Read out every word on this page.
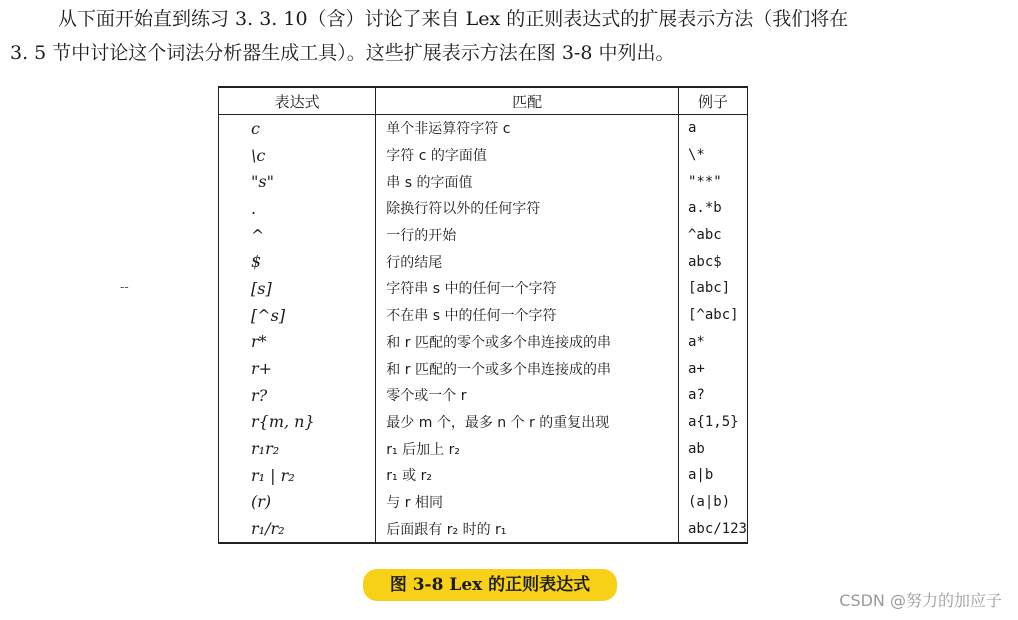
从下面开始直到练习 3. 3. 10（含）讨论了来自 Lex 的正则表达式的扩展表示方法（我们将在
3. 5 节中讨论这个词法分析器生成工具）。这些扩展表示方法在图 3-8 中列出。

--
表达式	匹配	例子
c	单个非运算符字符 c	a
\c	字符 c 的字面值	\*
"s"	串 s 的字面值	"**"
.	除换行符以外的任何字符	a.*b
^	一行的开始	^abc
$	行的结尾	abc$
[s]	字符串 s 中的任何一个字符	[abc]
[^s]	不在串 s 中的任何一个字符	[^abc]
r*	和 r 匹配的零个或多个串连接成的串	a*
r+	和 r 匹配的一个或多个串连接成的串	a+
r?	零个或一个 r	a?
r{m, n}	最少 m 个，最多 n 个 r 的重复出现	a{1,5}
r₁r₂	r₁ 后加上 r₂	ab
r₁ | r₂	r₁ 或 r₂	a|b
(r)	与 r 相同	(a|b)
r₁/r₂	后面跟有 r₂ 时的 r₁	abc/123
图 3-8 Lex 的正则表达式
CSDN @努力的加应子
